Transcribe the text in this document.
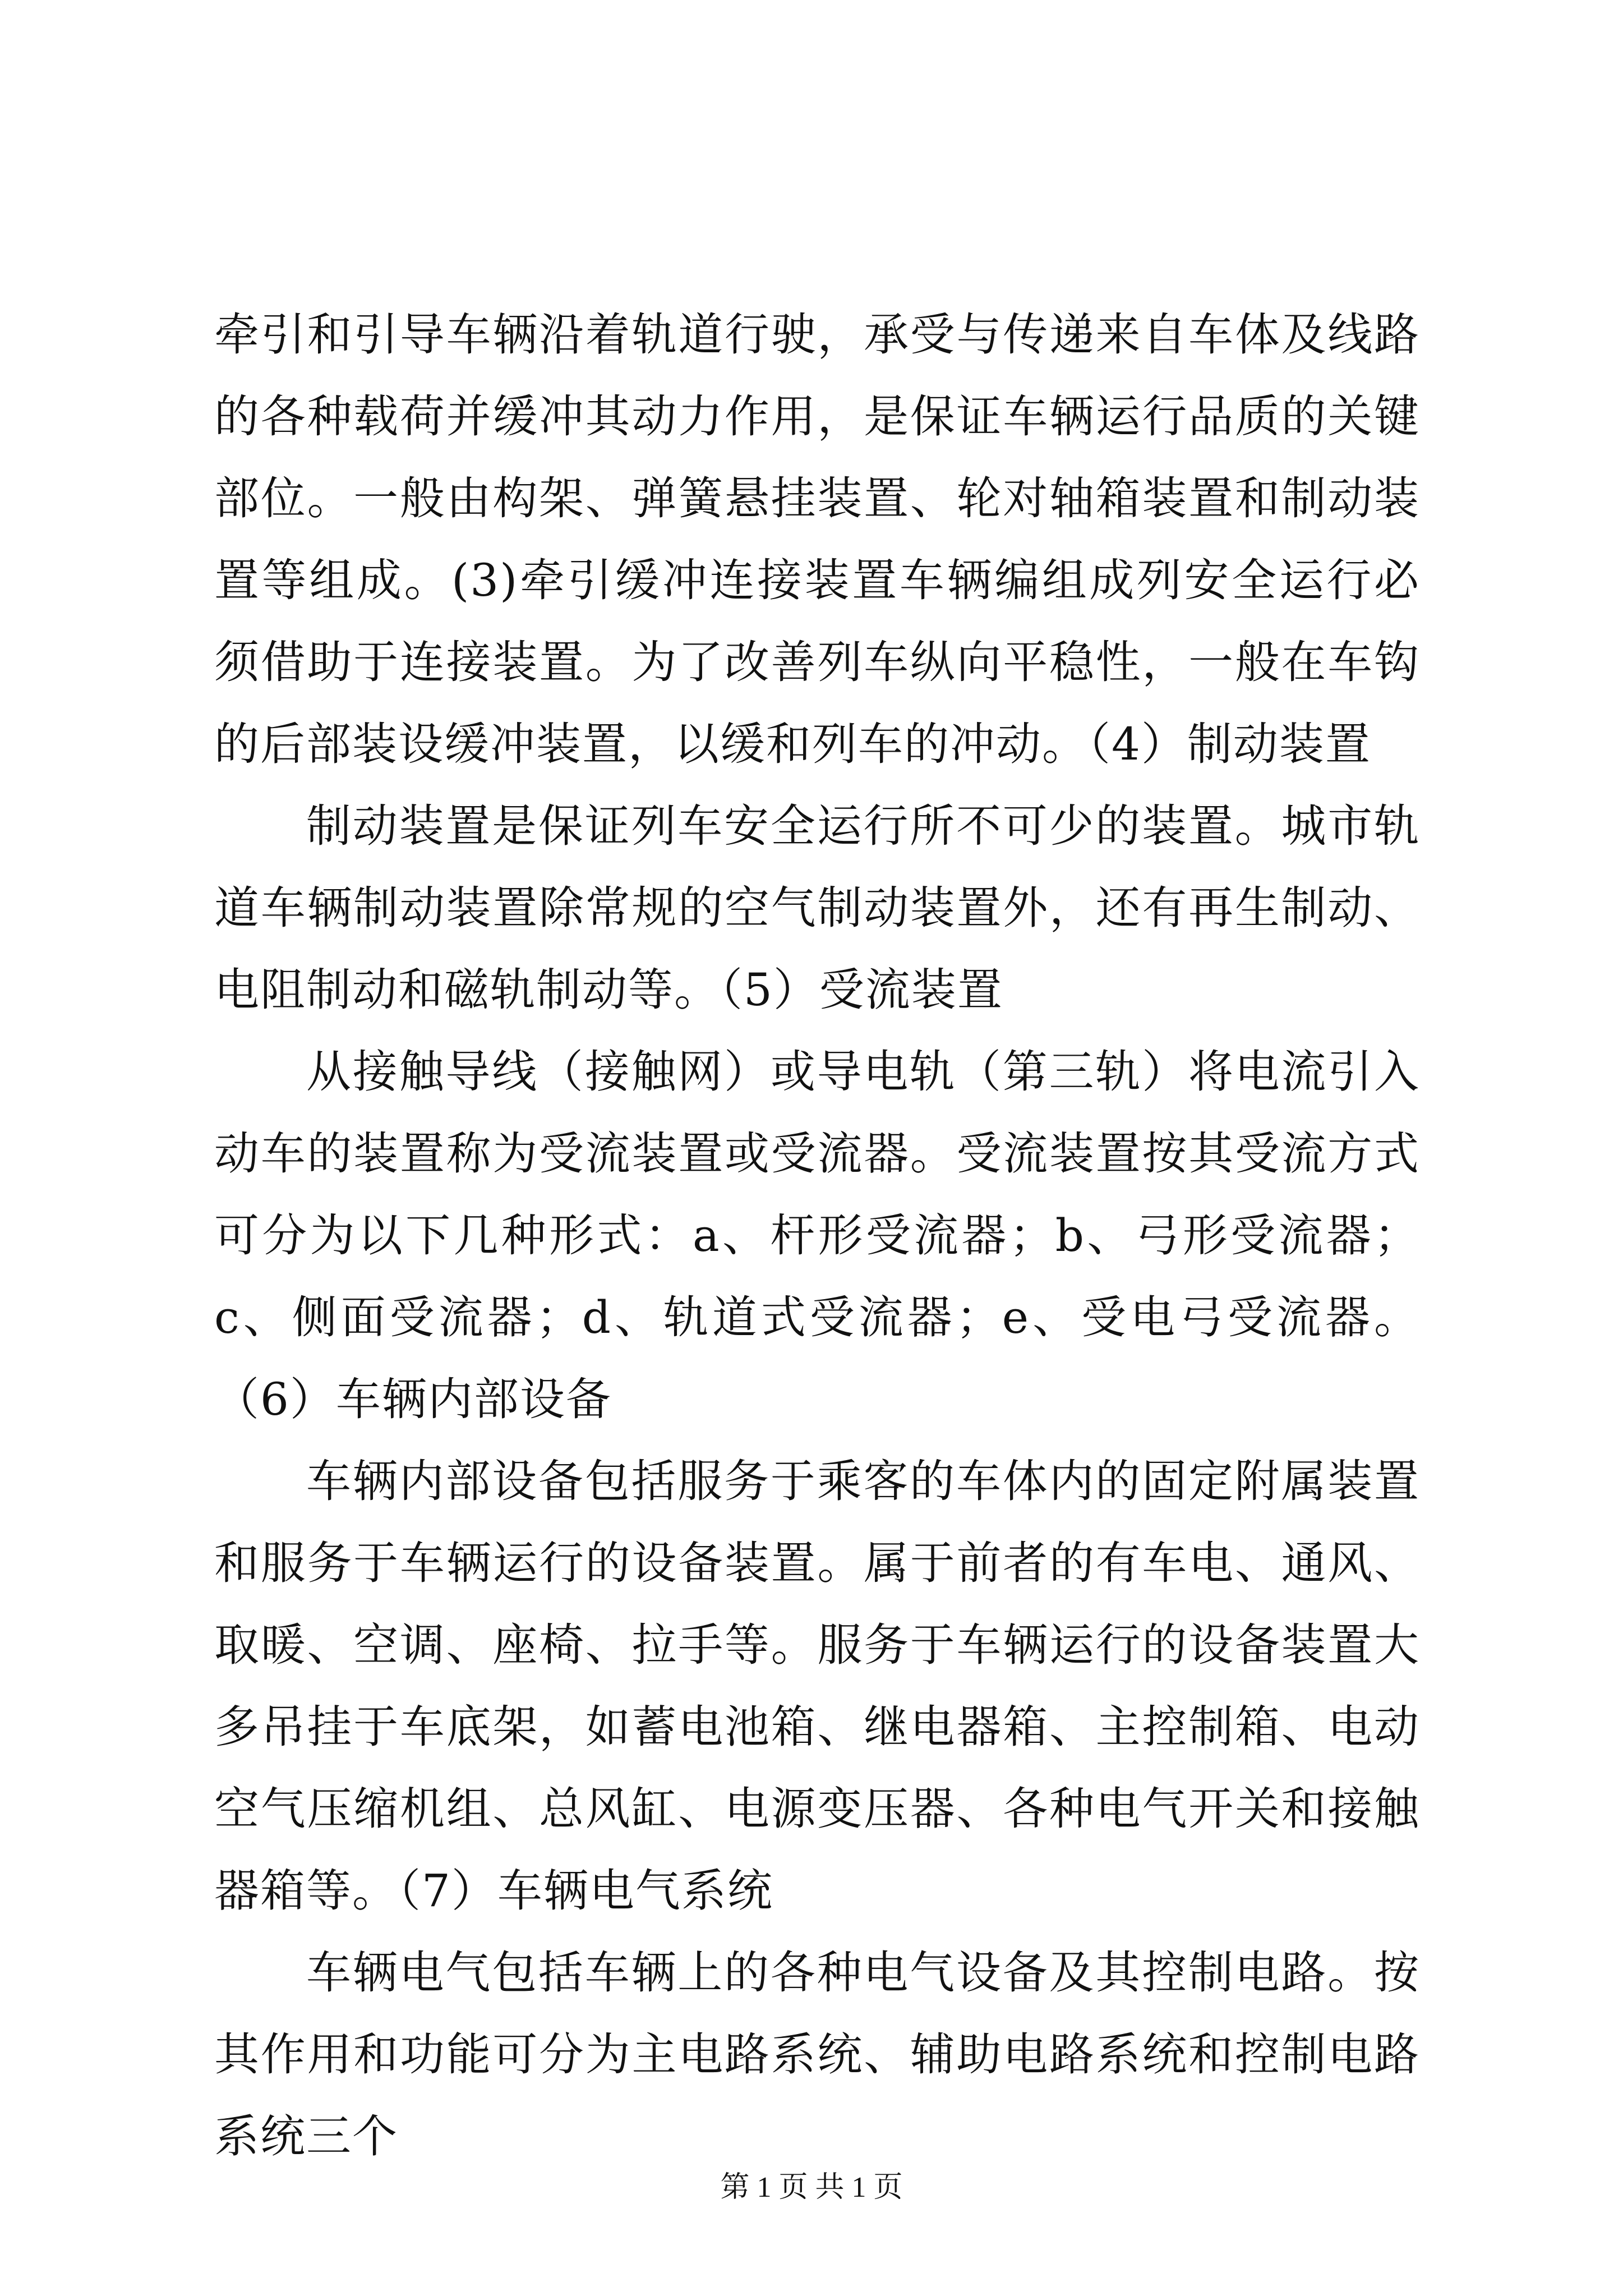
牵引和引导车辆沿着轨道行驶，承受与传递来自车体及线路的各种载荷并缓冲其动力作用，是保证车辆运行品质的关键部位。一般由构架、弹簧悬挂装置、轮对轴箱装置和制动装置等组成。(3)牵引缓冲连接装置车辆编组成列安全运行必须借助于连接装置。为了改善列车纵向平稳性，一般在车钩的后部装设缓冲装置，以缓和列车的冲动。（4）制动装置

制动装置是保证列车安全运行所不可少的装置。城市轨道车辆制动装置除常规的空气制动装置外，还有再生制动、电阻制动和磁轨制动等。（5）受流装置

从接触导线（接触网）或导电轨（第三轨）将电流引入动车的装置称为受流装置或受流器。受流装置按其受流方式可分为以下几种形式：a、杆形受流器；b、弓形受流器；c、侧面受流器；d、轨道式受流器；e、受电弓受流器。（6）车辆内部设备

车辆内部设备包括服务于乘客的车体内的固定附属装置和服务于车辆运行的设备装置。属于前者的有车电、通风、取暖、空调、座椅、拉手等。服务于车辆运行的设备装置大多吊挂于车底架，如蓄电池箱、继电器箱、主控制箱、电动空气压缩机组、总风缸、电源变压器、各种电气开关和接触器箱等。（7）车辆电气系统

车辆电气包括车辆上的各种电气设备及其控制电路。按其作用和功能可分为主电路系统、辅助电路系统和控制电路系统三个

第 1 页 共 1 页
